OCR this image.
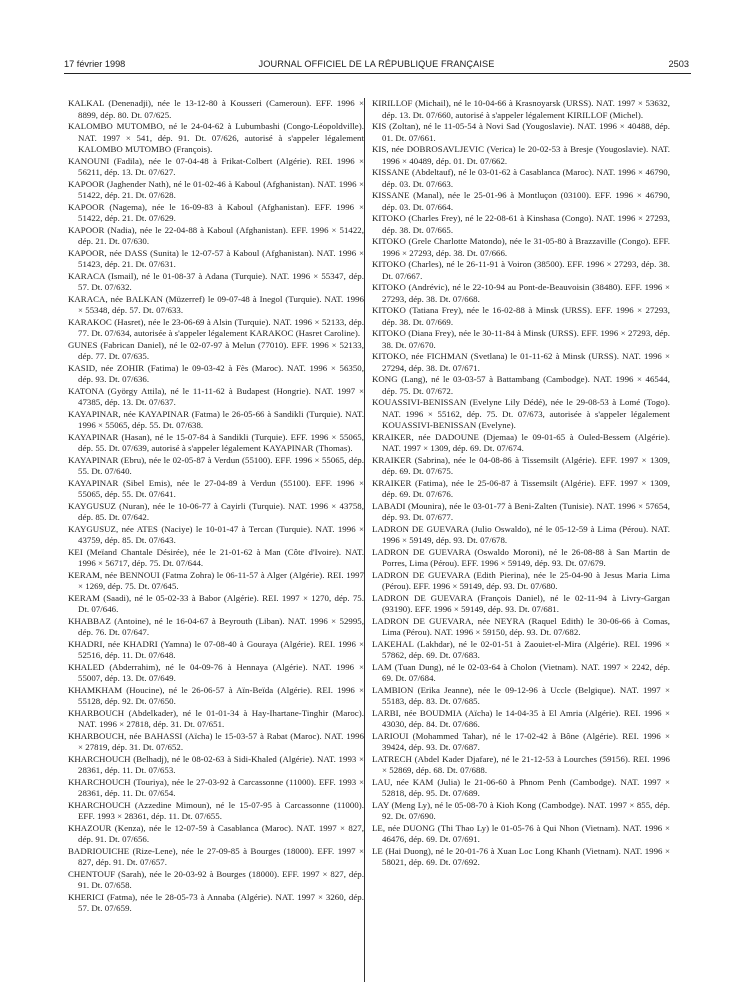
17 février 1998	JOURNAL OFFICIEL DE LA RÉPUBLIQUE FRANÇAISE	2503

KALKAL (Denenadji), née le 13-12-80 à Kousseri (Cameroun). EFF. 1996 × 8899, dép. 80. Dt. 07/625.

KALOMBO MUTOMBO, né le 24-04-62 à Lubumbashi (Congo-Léopoldville). NAT. 1997 × 541, dép. 91. Dt. 07/626, autorisé à s'appeler légalement KALOMBO MUTOMBO (François).

KANOUNI (Fadila), née le 07-04-48 à Frikat-Colbert (Algérie). REI. 1996 × 56211, dép. 13. Dt. 07/627.

KAPOOR (Jaghender Nath), né le 01-02-46 à Kaboul (Afghanistan). NAT. 1996 × 51422, dép. 21. Dt. 07/628.

KAPOOR (Nagema), née le 16-09-83 à Kaboul (Afghanistan). EFF. 1996 × 51422, dép. 21. Dt. 07/629.

KAPOOR (Nadia), née le 22-04-88 à Kaboul (Afghanistan). EFF. 1996 × 51422, dép. 21. Dt. 07/630.

KAPOOR, née DASS (Sunita) le 12-07-57 à Kaboul (Afghanistan). NAT. 1996 × 51423, dép. 21. Dt. 07/631.

KARACA (Ismail), né le 01-08-37 à Adana (Turquie). NAT. 1996 × 55347, dép. 57. Dt. 07/632.

KARACA, née BALKAN (Müzerref) le 09-07-48 à Inegol (Turquie). NAT. 1996 × 55348, dép. 57. Dt. 07/633.

KARAKOC (Hasret), née le 23-06-69 à Alsin (Turquie). NAT. 1996 × 52133, dép. 77. Dt. 07/634, autorisée à s'appeler légalement KARAKOC (Hasret Caroline).

GUNES (Fabrican Daniel), né le 02-07-97 à Melun (77010). EFF. 1996 × 52133, dép. 77. Dt. 07/635.

KASID, née ZOHIR (Fatima) le 09-03-42 à Fès (Maroc). NAT. 1996 × 56350, dép. 93. Dt. 07/636.

KATONA (György Attila), né le 11-11-62 à Budapest (Hongrie). NAT. 1997 × 47385, dép. 13. Dt. 07/637.

KAYAPINAR, née KAYAPINAR (Fatma) le 26-05-66 à Sandikli (Turquie). NAT. 1996 × 55065, dép. 55. Dt. 07/638.

KAYAPINAR (Hasan), né le 15-07-84 à Sandikli (Turquie). EFF. 1996 × 55065, dép. 55. Dt. 07/639, autorisé à s'appeler légalement KAYAPINAR (Thomas).

KAYAPINAR (Ebru), née le 02-05-87 à Verdun (55100). EFF. 1996 × 55065, dép. 55. Dt. 07/640.

KAYAPINAR (Sibel Emis), née le 27-04-89 à Verdun (55100). EFF. 1996 × 55065, dép. 55. Dt. 07/641.

KAYGUSUZ (Nuran), née le 10-06-77 à Cayirli (Turquie). NAT. 1996 × 43758, dép. 85. Dt. 07/642.

KAYGUSUZ, née ATES (Naciye) le 10-01-47 à Tercan (Turquie). NAT. 1996 × 43759, dép. 85. Dt. 07/643.

KEI (Meïand Chantale Désirée), née le 21-01-62 à Man (Côte d'Ivoire). NAT. 1996 × 56717, dép. 75. Dt. 07/644.

KERAM, née BENNOUI (Fatma Zohra) le 06-11-57 à Alger (Algérie). REI. 1997 × 1269, dép. 75. Dt. 07/645.

KERAM (Saadi), né le 05-02-33 à Babor (Algérie). REI. 1997 × 1270, dép. 75. Dt. 07/646.

KHABBAZ (Antoine), né le 16-04-67 à Beyrouth (Liban). NAT. 1996 × 52995, dép. 76. Dt. 07/647.

KHADRI, née KHADRI (Yamna) le 07-08-40 à Gouraya (Algérie). REI. 1996 × 52516, dép. 11. Dt. 07/648.

KHALED (Abderrahim), né le 04-09-76 à Hennaya (Algérie). NAT. 1996 × 55007, dép. 13. Dt. 07/649.

KHAMKHAM (Houcine), né le 26-06-57 à Aïn-Beïda (Algérie). REI. 1996 × 55128, dép. 92. Dt. 07/650.

KHARBOUCH (Abdelkader), né le 01-01-34 à Hay-Ihartane-Tinghir (Maroc). NAT. 1996 × 27818, dép. 31. Dt. 07/651.

KHARBOUCH, née BAHASSI (Aïcha) le 15-03-57 à Rabat (Maroc). NAT. 1996 × 27819, dép. 31. Dt. 07/652.

KHARCHOUCH (Belhadj), né le 08-02-63 à Sidi-Khaled (Algérie). NAT. 1993 × 28361, dép. 11. Dt. 07/653.

KHARCHOUCH (Touriya), née le 27-03-92 à Carcassonne (11000). EFF. 1993 × 28361, dép. 11. Dt. 07/654.

KHARCHOUCH (Azzedine Mimoun), né le 15-07-95 à Carcassonne (11000). EFF. 1993 × 28361, dép. 11. Dt. 07/655.

KHAZOUR (Kenza), née le 12-07-59 à Casablanca (Maroc). NAT. 1997 × 827, dép. 91. Dt. 07/656.

BADRIOUICHE (Rize-Lene), née le 27-09-85 à Bourges (18000). EFF. 1997 × 827, dép. 91. Dt. 07/657.

CHENTOUF (Sarah), née le 20-03-92 à Bourges (18000). EFF. 1997 × 827, dép. 91. Dt. 07/658.

KHERICI (Fatma), née le 28-05-73 à Annaba (Algérie). NAT. 1997 × 3260, dép. 57. Dt. 07/659.

KIRILLOF (Michail), né le 10-04-66 à Krasnoyarsk (URSS). NAT. 1997 × 53632, dép. 13. Dt. 07/660, autorisé à s'appeler légalement KIRILLOF (Michel).

KIS (Zoltan), né le 11-05-54 à Novi Sad (Yougoslavie). NAT. 1996 × 40488, dép. 01. Dt. 07/661.

KIS, née DOBROSAVLJEVIC (Verica) le 20-02-53 à Bresje (Yougoslavie). NAT. 1996 × 40489, dép. 01. Dt. 07/662.

KISSANE (Abdeltauf), né le 03-01-62 à Casablanca (Maroc). NAT. 1996 × 46790, dép. 03. Dt. 07/663.

KISSANE (Manal), née le 25-01-96 à Montluçon (03100). EFF. 1996 × 46790, dép. 03. Dt. 07/664.

KITOKO (Charles Frey), né le 22-08-61 à Kinshasa (Congo). NAT. 1996 × 27293, dép. 38. Dt. 07/665.

KITOKO (Grele Charlotte Matondo), née le 31-05-80 à Brazzaville (Congo). EFF. 1996 × 27293, dép. 38. Dt. 07/666.

KITOKO (Charles), né le 26-11-91 à Voiron (38500). EFF. 1996 × 27293, dép. 38. Dt. 07/667.

KITOKO (Andrévic), né le 22-10-94 au Pont-de-Beauvoisin (38480). EFF. 1996 × 27293, dép. 38. Dt. 07/668.

KITOKO (Tatiana Frey), née le 16-02-88 à Minsk (URSS). EFF. 1996 × 27293, dép. 38. Dt. 07/669.

KITOKO (Diana Frey), née le 30-11-84 à Minsk (URSS). EFF. 1996 × 27293, dép. 38. Dt. 07/670.

KITOKO, née FICHMAN (Svetlana) le 01-11-62 à Minsk (URSS). NAT. 1996 × 27294, dép. 38. Dt. 07/671.

KONG (Lang), né le 03-03-57 à Battambang (Cambodge). NAT. 1996 × 46544, dép. 75. Dt. 07/672.

KOUASSIVI-BENISSAN (Evelyne Lily Dédé), née le 29-08-53 à Lomé (Togo). NAT. 1996 × 55162, dép. 75. Dt. 07/673, autorisée à s'appeler légalement KOUASSIVI-BENISSAN (Evelyne).

KRAIKER, née DADOUNE (Djemaa) le 09-01-65 à Ouled-Bessem (Algérie). NAT. 1997 × 1309, dép. 69. Dt. 07/674.

KRAIKER (Sabrina), née le 04-08-86 à Tissemsilt (Algérie). EFF. 1997 × 1309, dép. 69. Dt. 07/675.

KRAIKER (Fatima), née le 25-06-87 à Tissemsilt (Algérie). EFF. 1997 × 1309, dép. 69. Dt. 07/676.

LABADI (Mounira), née le 03-01-77 à Beni-Zalten (Tunisie). NAT. 1996 × 57654, dép. 93. Dt. 07/677.

LADRON DE GUEVARA (Julio Oswaldo), né le 05-12-59 à Lima (Pérou). NAT. 1996 × 59149, dép. 93. Dt. 07/678.

LADRON DE GUEVARA (Oswaldo Moroni), né le 26-08-88 à San Martin de Porres, Lima (Pérou). EFF. 1996 × 59149, dép. 93. Dt. 07/679.

LADRON DE GUEVARA (Edith Pierina), née le 25-04-90 à Jesus Maria Lima (Pérou). EFF. 1996 × 59149, dép. 93. Dt. 07/680.

LADRON DE GUEVARA (François Daniel), né le 02-11-94 à Livry-Gargan (93190). EFF. 1996 × 59149, dép. 93. Dt. 07/681.

LADRON DE GUEVARA, née NEYRA (Raquel Edith) le 30-06-66 à Comas, Lima (Pérou). NAT. 1996 × 59150, dép. 93. Dt. 07/682.

LAKEHAL (Lakhdar), né le 02-01-51 à Zaouiet-el-Mira (Algérie). REI. 1996 × 57862, dép. 69. Dt. 07/683.

LAM (Tuan Dung), né le 02-03-64 à Cholon (Vietnam). NAT. 1997 × 2242, dép. 69. Dt. 07/684.

LAMBION (Erika Jeanne), née le 09-12-96 à Uccle (Belgique). NAT. 1997 × 55183, dép. 83. Dt. 07/685.

LARBI, née BOUDMIA (Aïcha) le 14-04-35 à El Amria (Algérie). REI. 1996 × 43030, dép. 84. Dt. 07/686.

LARIOUI (Mohammed Tahar), né le 17-02-42 à Bône (Algérie). REI. 1996 × 39424, dép. 93. Dt. 07/687.

LATRECH (Abdel Kader Djafare), né le 21-12-53 à Lourches (59156). REI. 1996 × 52869, dép. 68. Dt. 07/688.

LAU, née KAM (Julia) le 21-06-60 à Phnom Penh (Cambodge). NAT. 1997 × 52818, dép. 95. Dt. 07/689.

LAY (Meng Ly), né le 05-08-70 à Kioh Kong (Cambodge). NAT. 1997 × 855, dép. 92. Dt. 07/690.

LE, née DUONG (Thi Thao Ly) le 01-05-76 à Qui Nhon (Vietnam). NAT. 1996 × 46476, dép. 69. Dt. 07/691.

LE (Hai Duong), né le 20-01-76 à Xuan Loc Long Khanh (Vietnam). NAT. 1996 × 58021, dép. 69. Dt. 07/692.
